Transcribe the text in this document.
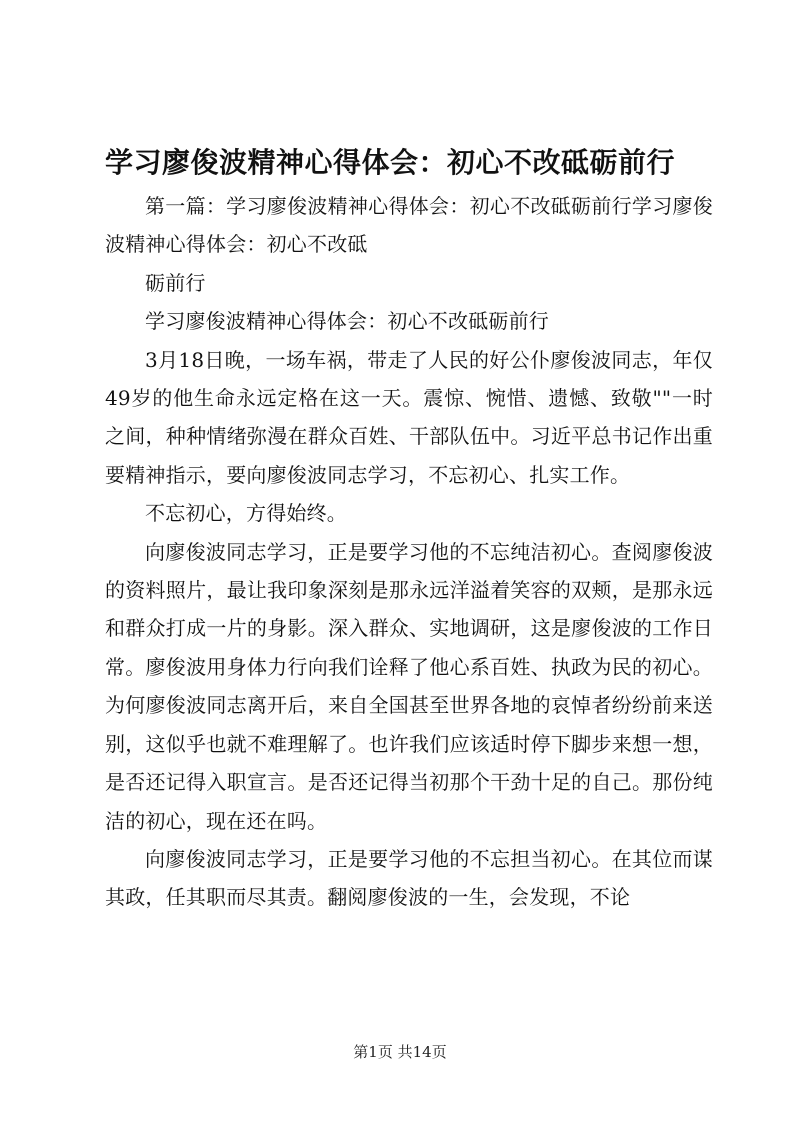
学习廖俊波精神心得体会：初心不改砥砺前行

第一篇：学习廖俊波精神心得体会：初心不改砥砺前行学习廖俊波精神心得体会：初心不改砥

砺前行

学习廖俊波精神心得体会：初心不改砥砺前行

3月18日晚，一场车祸，带走了人民的好公仆廖俊波同志，年仅49岁的他生命永远定格在这一天。震惊、惋惜、遗憾、致敬""一时之间，种种情绪弥漫在群众百姓、干部队伍中。习近平总书记作出重要精神指示，要向廖俊波同志学习，不忘初心、扎实工作。

不忘初心，方得始终。

向廖俊波同志学习，正是要学习他的不忘纯洁初心。查阅廖俊波的资料照片，最让我印象深刻是那永远洋溢着笑容的双颊，是那永远和群众打成一片的身影。深入群众、实地调研，这是廖俊波的工作日常。廖俊波用身体力行向我们诠释了他心系百姓、执政为民的初心。为何廖俊波同志离开后，来自全国甚至世界各地的哀悼者纷纷前来送别，这似乎也就不难理解了。也许我们应该适时停下脚步来想一想，是否还记得入职宣言。是否还记得当初那个干劲十足的自己。那份纯洁的初心，现在还在吗。

向廖俊波同志学习，正是要学习他的不忘担当初心。在其位而谋其政，任其职而尽其责。翻阅廖俊波的一生，会发现，不论

第1页 共14页
